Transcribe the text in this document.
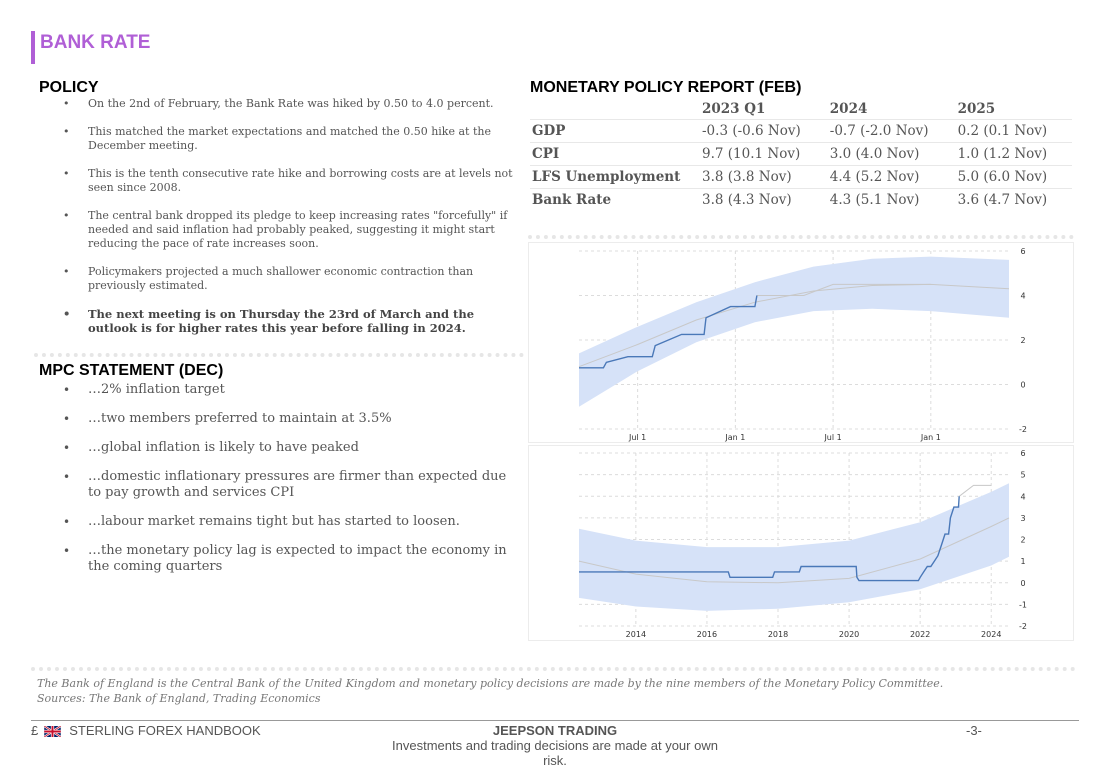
BANK RATE
POLICY
• On the 2nd of February, the Bank Rate was hiked by 0.50 to 4.0 percent.
• This matched the market expectations and matched the 0.50 hike at the December meeting.
• This is the tenth consecutive rate hike and borrowing costs are at levels not seen since 2008.
• The central bank dropped its pledge to keep increasing rates "forcefully" if needed and said inflation had probably peaked, suggesting it might start reducing the pace of rate increases soon.
• Policymakers projected a much shallower economic contraction than previously estimated.
• The next meeting is on Thursday the 23rd of March and the outlook is for higher rates this year before falling in 2024.
MPC STATEMENT (DEC)
• …2% inflation target
• …two members preferred to maintain at 3.5%
• …global inflation is likely to have peaked
• …domestic inflationary pressures are firmer than expected due to pay growth and services CPI
• …labour market remains tight but has started to loosen.
• …the monetary policy lag is expected to impact the economy in the coming quarters
MONETARY POLICY REPORT (FEB)
	2023 Q1	2024	2025
GDP	-0.3 (-0.6 Nov)	-0.7 (-2.0 Nov)	0.2 (0.1 Nov)
CPI	9.7 (10.1 Nov)	3.0 (4.0 Nov)	1.0 (1.2 Nov)
LFS Unemployment	3.8 (3.8 Nov)	4.4 (5.2 Nov)	5.0 (6.0 Nov)
Bank Rate	3.8 (4.3 Nov)	4.3 (5.1 Nov)	3.6 (4.7 Nov)
-2
0
2
4
6
Jul 1	Jan 1	Jul 1	Jan 1
-2
-1
0
1
2
3
4
5
6
2014	2016	2018	2020	2022	2024
The Bank of England is the Central Bank of the United Kingdom and monetary policy decisions are made by the nine members of the Monetary Policy Committee.
Sources: The Bank of England, Trading Economics
£ STERLING FOREX HANDBOOK	JEEPSON TRADING
Investments and trading decisions are made at your own risk.
-3-
